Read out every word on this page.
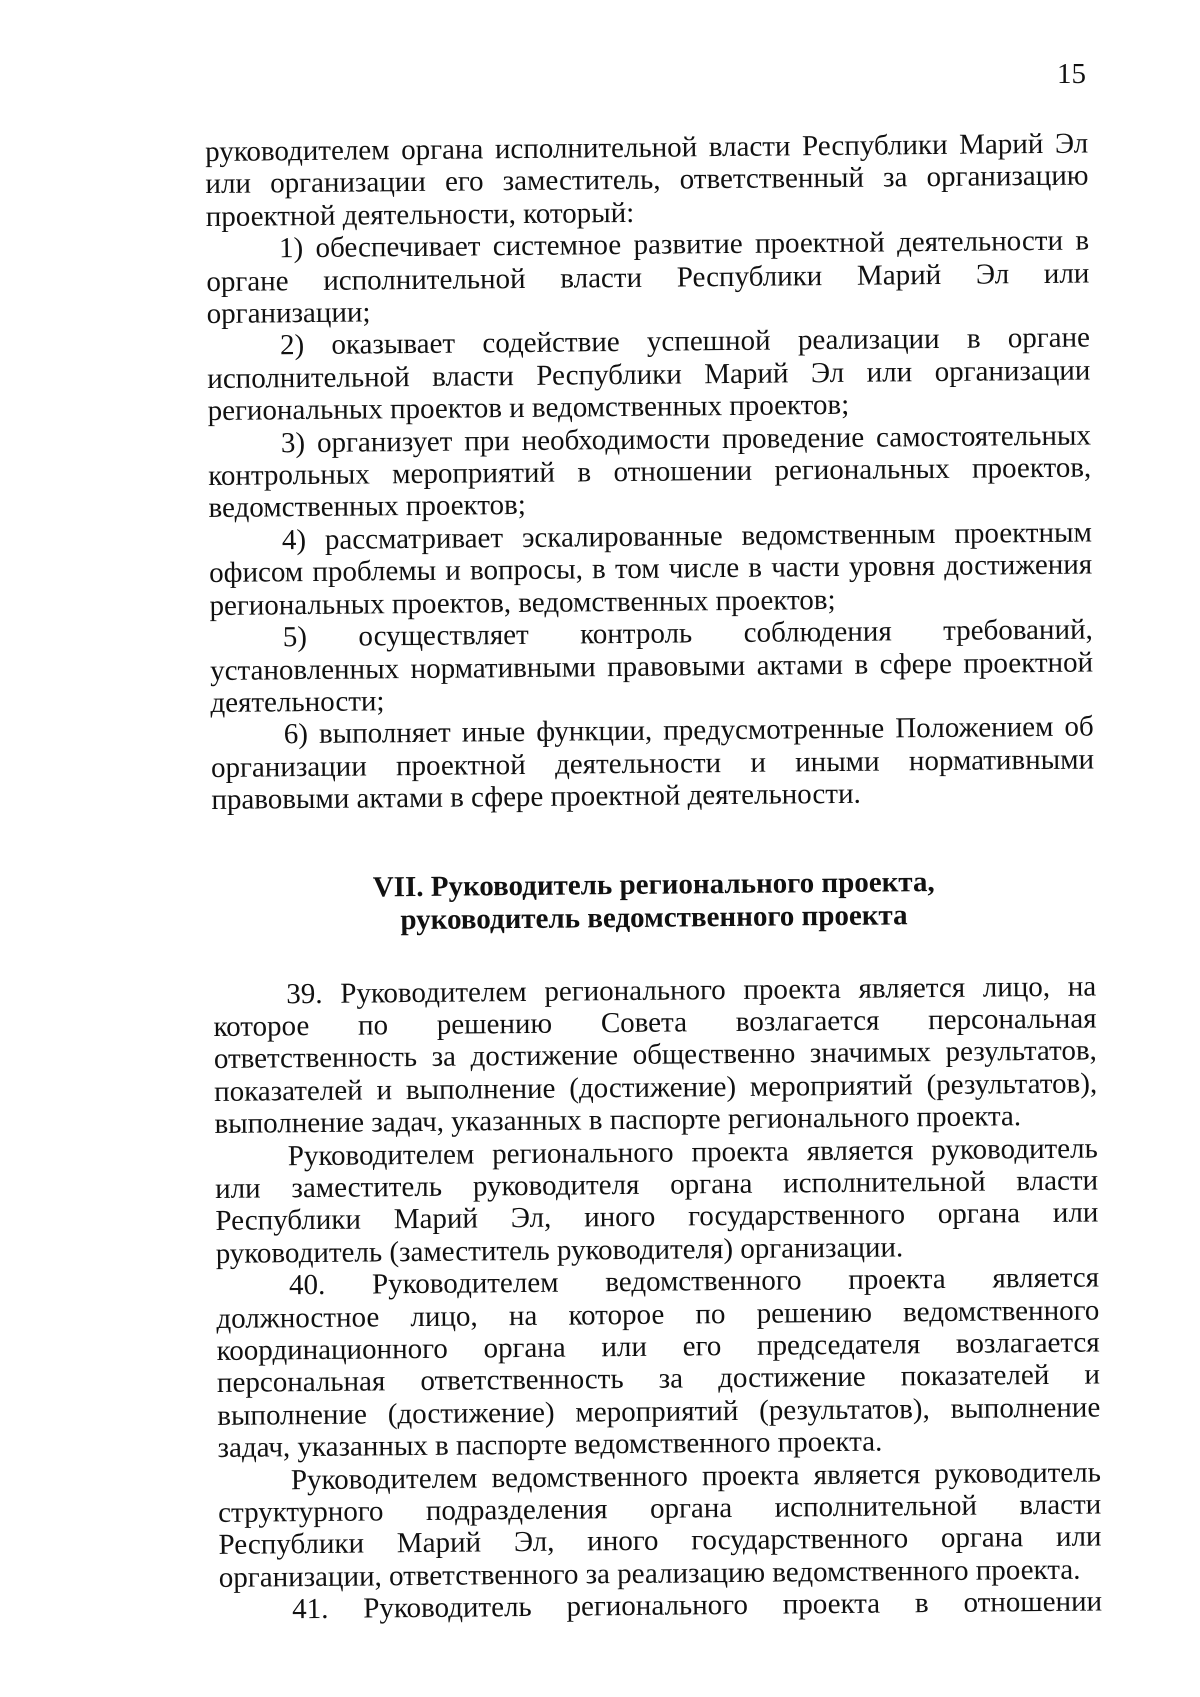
15

руководителем органа исполнительной власти Республики Марий Эл или организации его заместитель, ответственный за организацию проектной деятельности, который:

1) обеспечивает системное развитие проектной деятельности в органе исполнительной власти Республики Марий Эл или организации;

2) оказывает содействие успешной реализации в органе исполнительной власти Республики Марий Эл или организации региональных проектов и ведомственных проектов;

3) организует при необходимости проведение самостоятельных контрольных мероприятий в отношении региональных проектов, ведомственных проектов;

4) рассматривает эскалированные ведомственным проектным офисом проблемы и вопросы, в том числе в части уровня достижения региональных проектов, ведомственных проектов;

5) осуществляет контроль соблюдения требований, установленных нормативными правовыми актами в сфере проектной деятельности;

6) выполняет иные функции, предусмотренные Положением об организации проектной деятельности и иными нормативными правовыми актами в сфере проектной деятельности.

VII. Руководитель регионального проекта,
руководитель ведомственного проекта

39. Руководителем регионального проекта является лицо, на которое по решению Совета возлагается персональная ответственность за достижение общественно значимых результатов, показателей и выполнение (достижение) мероприятий (результатов), выполнение задач, указанных в паспорте регионального проекта.

Руководителем регионального проекта является руководитель или заместитель руководителя органа исполнительной власти Республики Марий Эл, иного государственного органа или руководитель (заместитель руководителя) организации.

40. Руководителем ведомственного проекта является должностное лицо, на которое по решению ведомственного координационного органа или его председателя возлагается персональная ответственность за достижение показателей и выполнение (достижение) мероприятий (результатов), выполнение задач, указанных в паспорте ведомственного проекта.

Руководителем ведомственного проекта является руководитель структурного подразделения органа исполнительной власти Республики Марий Эл, иного государственного органа или организации, ответственного за реализацию ведомственного проекта.

41. Руководитель регионального проекта в отношении
